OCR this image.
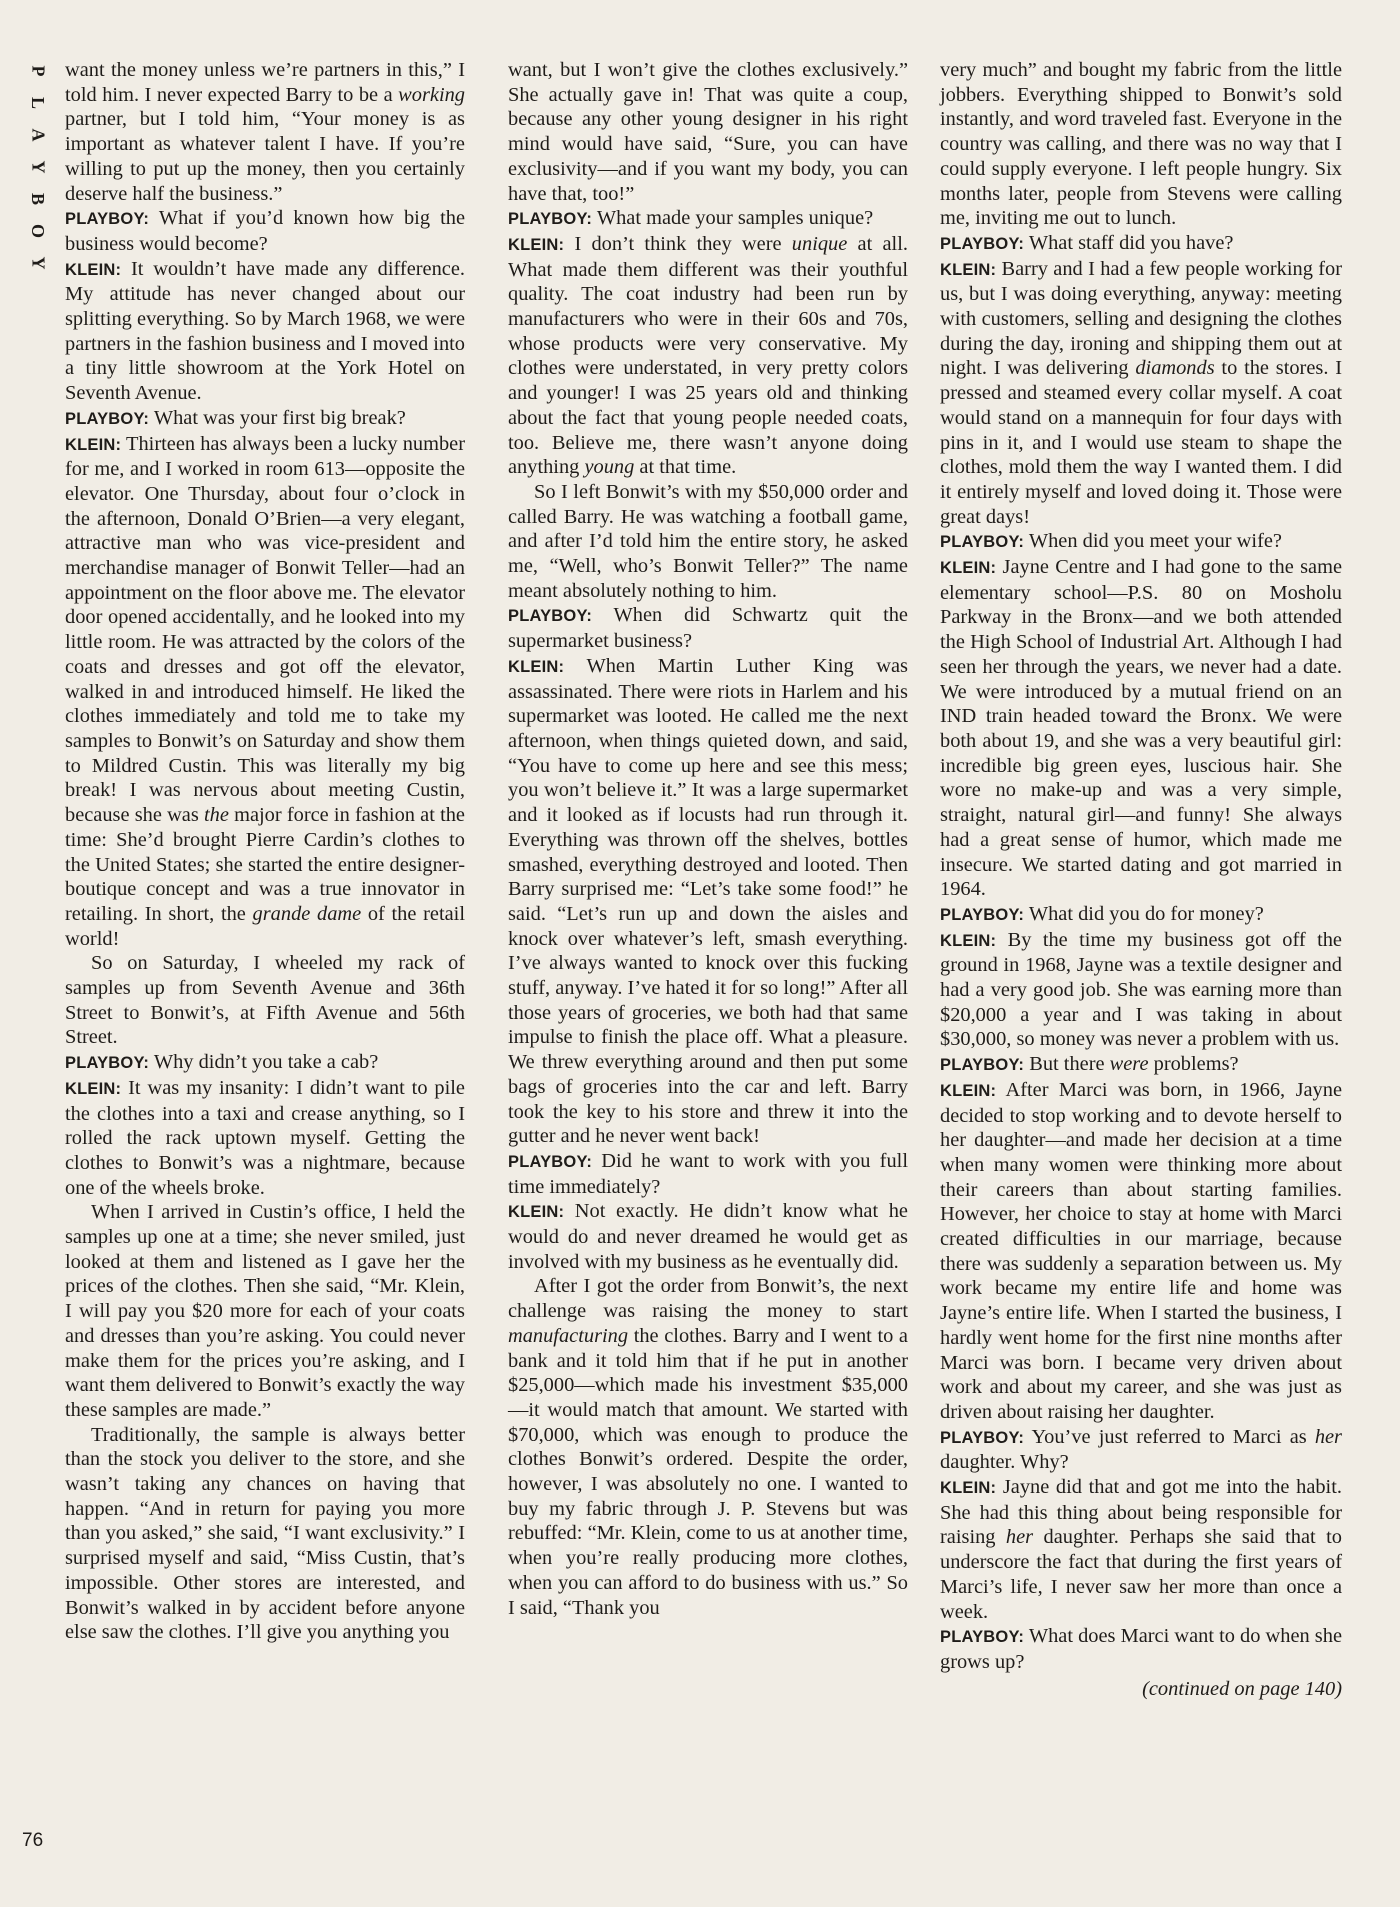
P
L
A
Y
B
O
Y

want the money unless we’re partners in this,” I told him. I never expected Barry to be a working partner, but I told him, “Your money is as important as whatever talent I have. If you’re willing to put up the money, then you certainly deserve half the business.”

PLAYBOY: What if you’d known how big the business would become?

KLEIN: It wouldn’t have made any difference. My attitude has never changed about our splitting everything. So by March 1968, we were partners in the fashion business and I moved into a tiny little showroom at the York Hotel on Seventh Avenue.

PLAYBOY: What was your first big break?

KLEIN: Thirteen has always been a lucky number for me, and I worked in room 613—opposite the elevator. One Thursday, about four o’clock in the afternoon, Donald O’Brien—a very elegant, attractive man who was vice-president and merchandise manager of Bonwit Teller—had an appointment on the floor above me. The elevator door opened accidentally, and he looked into my little room. He was attracted by the colors of the coats and dresses and got off the elevator, walked in and introduced himself. He liked the clothes immediately and told me to take my samples to Bonwit’s on Saturday and show them to Mildred Custin. This was literally my big break! I was nervous about meeting Custin, because she was the major force in fashion at the time: She’d brought Pierre Cardin’s clothes to the United States; she started the entire designer-boutique concept and was a true innovator in retailing. In short, the grande dame of the retail world!

So on Saturday, I wheeled my rack of samples up from Seventh Avenue and 36th Street to Bonwit’s, at Fifth Avenue and 56th Street.

PLAYBOY: Why didn’t you take a cab?

KLEIN: It was my insanity: I didn’t want to pile the clothes into a taxi and crease anything, so I rolled the rack uptown myself. Getting the clothes to Bonwit’s was a nightmare, because one of the wheels broke.

When I arrived in Custin’s office, I held the samples up one at a time; she never smiled, just looked at them and listened as I gave her the prices of the clothes. Then she said, “Mr. Klein, I will pay you $20 more for each of your coats and dresses than you’re asking. You could never make them for the prices you’re asking, and I want them delivered to Bonwit’s exactly the way these samples are made.”

Traditionally, the sample is always better than the stock you deliver to the store, and she wasn’t taking any chances on having that happen. “And in return for paying you more than you asked,” she said, “I want exclusivity.” I surprised myself and said, “Miss Custin, that’s impossible. Other stores are interested, and Bonwit’s walked in by accident before anyone else saw the clothes. I’ll give you anything you

want, but I won’t give the clothes exclusively.” She actually gave in! That was quite a coup, because any other young designer in his right mind would have said, “Sure, you can have exclusivity—and if you want my body, you can have that, too!”

PLAYBOY: What made your samples unique?

KLEIN: I don’t think they were unique at all. What made them different was their youthful quality. The coat industry had been run by manufacturers who were in their 60s and 70s, whose products were very conservative. My clothes were understated, in very pretty colors and younger! I was 25 years old and thinking about the fact that young people needed coats, too. Believe me, there wasn’t anyone doing anything young at that time.

So I left Bonwit’s with my $50,000 order and called Barry. He was watching a football game, and after I’d told him the entire story, he asked me, “Well, who’s Bonwit Teller?” The name meant absolutely nothing to him.

PLAYBOY: When did Schwartz quit the supermarket business?

KLEIN: When Martin Luther King was assassinated. There were riots in Harlem and his supermarket was looted. He called me the next afternoon, when things quieted down, and said, “You have to come up here and see this mess; you won’t believe it.” It was a large supermarket and it looked as if locusts had run through it. Everything was thrown off the shelves, bottles smashed, everything destroyed and looted. Then Barry surprised me: “Let’s take some food!” he said. “Let’s run up and down the aisles and knock over whatever’s left, smash everything. I’ve always wanted to knock over this fucking stuff, anyway. I’ve hated it for so long!” After all those years of groceries, we both had that same impulse to finish the place off. What a pleasure. We threw everything around and then put some bags of groceries into the car and left. Barry took the key to his store and threw it into the gutter and he never went back!

PLAYBOY: Did he want to work with you full time immediately?

KLEIN: Not exactly. He didn’t know what he would do and never dreamed he would get as involved with my business as he eventually did.

After I got the order from Bonwit’s, the next challenge was raising the money to start manufacturing the clothes. Barry and I went to a bank and it told him that if he put in another $25,000—which made his investment $35,000—it would match that amount. We started with $70,000, which was enough to produce the clothes Bonwit’s ordered. Despite the order, however, I was absolutely no one. I wanted to buy my fabric through J. P. Stevens but was rebuffed: “Mr. Klein, come to us at another time, when you’re really producing more clothes, when you can afford to do business with us.” So I said, “Thank you

very much” and bought my fabric from the little jobbers. Everything shipped to Bonwit’s sold instantly, and word traveled fast. Everyone in the country was calling, and there was no way that I could supply everyone. I left people hungry. Six months later, people from Stevens were calling me, inviting me out to lunch.

PLAYBOY: What staff did you have?

KLEIN: Barry and I had a few people working for us, but I was doing everything, anyway: meeting with customers, selling and designing the clothes during the day, ironing and shipping them out at night. I was delivering diamonds to the stores. I pressed and steamed every collar myself. A coat would stand on a mannequin for four days with pins in it, and I would use steam to shape the clothes, mold them the way I wanted them. I did it entirely myself and loved doing it. Those were great days!

PLAYBOY: When did you meet your wife?

KLEIN: Jayne Centre and I had gone to the same elementary school—P.S. 80 on Mosholu Parkway in the Bronx—and we both attended the High School of Industrial Art. Although I had seen her through the years, we never had a date. We were introduced by a mutual friend on an IND train headed toward the Bronx. We were both about 19, and she was a very beautiful girl: incredible big green eyes, luscious hair. She wore no make-up and was a very simple, straight, natural girl—and funny! She always had a great sense of humor, which made me insecure. We started dating and got married in 1964.

PLAYBOY: What did you do for money?

KLEIN: By the time my business got off the ground in 1968, Jayne was a textile designer and had a very good job. She was earning more than $20,000 a year and I was taking in about $30,000, so money was never a problem with us.

PLAYBOY: But there were problems?

KLEIN: After Marci was born, in 1966, Jayne decided to stop working and to devote herself to her daughter—and made her decision at a time when many women were thinking more about their careers than about starting families. However, her choice to stay at home with Marci created difficulties in our marriage, because there was suddenly a separation between us. My work became my entire life and home was Jayne’s entire life. When I started the business, I hardly went home for the first nine months after Marci was born. I became very driven about work and about my career, and she was just as driven about raising her daughter.

PLAYBOY: You’ve just referred to Marci as her daughter. Why?

KLEIN: Jayne did that and got me into the habit. She had this thing about being responsible for raising her daughter. Perhaps she said that to underscore the fact that during the first years of Marci’s life, I never saw her more than once a week.

PLAYBOY: What does Marci want to do when she grows up?

(continued on page 140)

76
